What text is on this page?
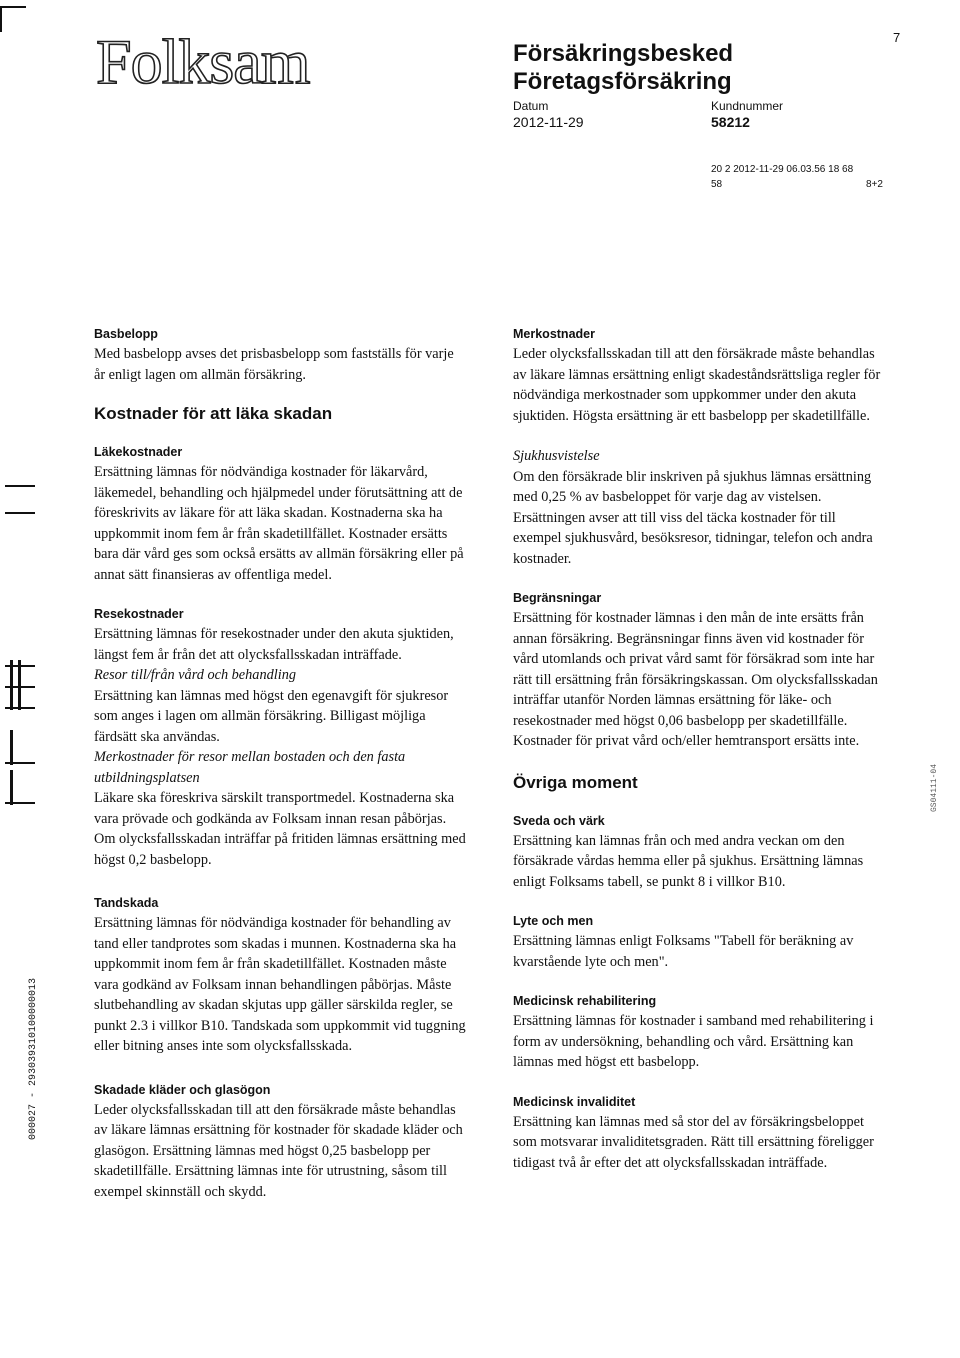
Folksam	Försäkringsbesked
Företagsförsäkring
7
Datum
2012-11-29
Kundnummer
58212
20 2 2012-11-29 06.03.56 18 68
58	8+2
000027 - 293039310100000013
GS04111-04
Basbelopp

Med basbelopp avses det prisbasbelopp som fastställs för varje år enligt lagen om allmän försäkring.

Kostnader för att läka skadan
Läkekostnader

Ersättning lämnas för nödvändiga kostnader för läkarvård, läkemedel, behandling och hjälpmedel under förutsättning att de föreskrivits av läkare för att läka skadan. Kostnaderna ska ha uppkommit inom fem år från skadetillfället. Kostnader ersätts bara där vård ges som också ersätts av allmän försäkring eller på annat sätt finansieras av offentliga medel.

Resekostnader

Ersättning lämnas för resekostnader under den akuta sjuktiden, längst fem år från det att olycksfallsskadan inträffade.

Resor till/från vård och behandling

Ersättning kan lämnas med högst den egenavgift för sjukresor som anges i lagen om allmän försäkring. Billigast möjliga färdsätt ska användas.

Merkostnader för resor mellan bostaden och den fasta utbildningsplatsen

Läkare ska föreskriva särskilt transportmedel. Kostnaderna ska vara prövade och godkända av Folksam innan resan påbörjas. Om olycksfallsskadan inträffar på fritiden lämnas ersättning med högst 0,2 basbelopp.

Tandskada

Ersättning lämnas för nödvändiga kostnader för behandling av tand eller tandprotes som skadas i munnen. Kostnaderna ska ha uppkommit inom fem år från skadetillfället. Kostnaden måste vara godkänd av Folksam innan behandlingen påbörjas. Måste slutbehandling av skadan skjutas upp gäller särskilda regler, se punkt 2.3 i villkor B10. Tandskada som uppkommit vid tuggning eller bitning anses inte som olycksfallsskada.

Skadade kläder och glasögon

Leder olycksfallsskadan till att den försäkrade måste behandlas av läkare lämnas ersättning för kostnader för skadade kläder och glasögon. Ersättning lämnas med högst 0,25 basbelopp per skadetillfälle. Ersättning lämnas inte för utrustning, såsom till exempel skinnställ och skydd.

Merkostnader

Leder olycksfallsskadan till att den försäkrade måste behandlas av läkare lämnas ersättning enligt skadeståndsrättsliga regler för nödvändiga merkostnader som uppkommer under den akuta sjuktiden. Högsta ersättning är ett basbelopp per skadetillfälle.

Sjukhusvistelse

Om den försäkrade blir inskriven på sjukhus lämnas ersättning med 0,25 % av basbeloppet för varje dag av vistelsen. Ersättningen avser att till viss del täcka kostnader för till exempel sjukhusvård, besöksresor, tidningar, telefon och andra kostnader.

Begränsningar

Ersättning för kostnader lämnas i den mån de inte ersätts från annan försäkring. Begränsningar finns även vid kostnader för vård utomlands och privat vård samt för försäkrad som inte har rätt till ersättning från försäkringskassan. Om olycksfallsskadan inträffar utanför Norden lämnas ersättning för läke- och resekostnader med högst 0,06 basbelopp per skadetillfälle. Kostnader för privat vård och/eller hemtransport ersätts inte.

Övriga moment
Sveda och värk

Ersättning kan lämnas från och med andra veckan om den försäkrade vårdas hemma eller på sjukhus. Ersättning lämnas enligt Folksams tabell, se punkt 8 i villkor B10.

Lyte och men

Ersättning lämnas enligt Folksams "Tabell för beräkning av kvarstående lyte och men".

Medicinsk rehabilitering

Ersättning lämnas för kostnader i samband med rehabilitering i form av undersökning, behandling och vård. Ersättning kan lämnas med högst ett basbelopp.

Medicinsk invaliditet

Ersättning kan lämnas med så stor del av försäkringsbeloppet som motsvarar invaliditetsgraden. Rätt till ersättning föreligger tidigast två år efter det att olycksfallsskadan inträffade.
